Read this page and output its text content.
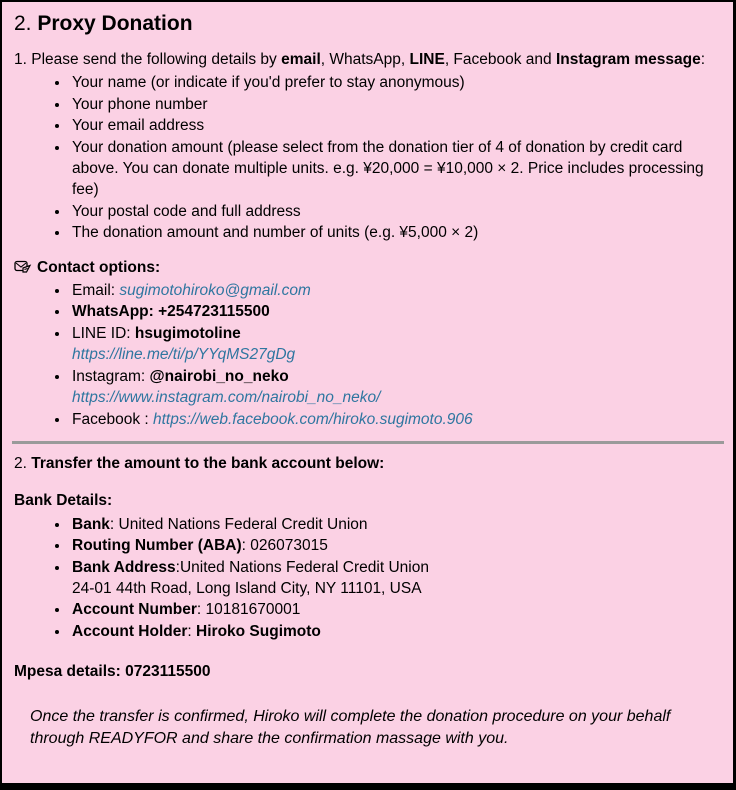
2. Proxy Donation

1. Please send the following details by email, WhatsApp, LINE, Facebook and Instagram message:

• Your name (or indicate if you'd prefer to stay anonymous)
• Your phone number
• Your email address
• Your donation amount (please select from the donation tier of 4 of donation by credit card above. You can donate multiple units. e.g. ¥20,000 = ¥10,000 × 2. Price includes processing fee)
• Your postal code and full address
• The donation amount and number of units (e.g. ¥5,000 × 2)

Contact options:

• Email: sugimotohiroko@gmail.com
• WhatsApp: +254723115500
• LINE ID: hsugimotoline
https://line.me/ti/p/YYqMS27gDg
• Instagram: @nairobi_no_neko
https://www.instagram.com/nairobi_no_neko/
• Facebook : https://web.facebook.com/hiroko.sugimoto.906

2. Transfer the amount to the bank account below:

Bank Details:

• Bank: United Nations Federal Credit Union
• Routing Number (ABA): 026073015
• Bank Address:United Nations Federal Credit Union
24-01 44th Road, Long Island City, NY 11101, USA
• Account Number: 10181670001
• Account Holder: Hiroko Sugimoto

Mpesa details: 0723115500

Once the transfer is confirmed, Hiroko will complete the donation procedure on your behalf through READYFOR and share the confirmation massage with you.
